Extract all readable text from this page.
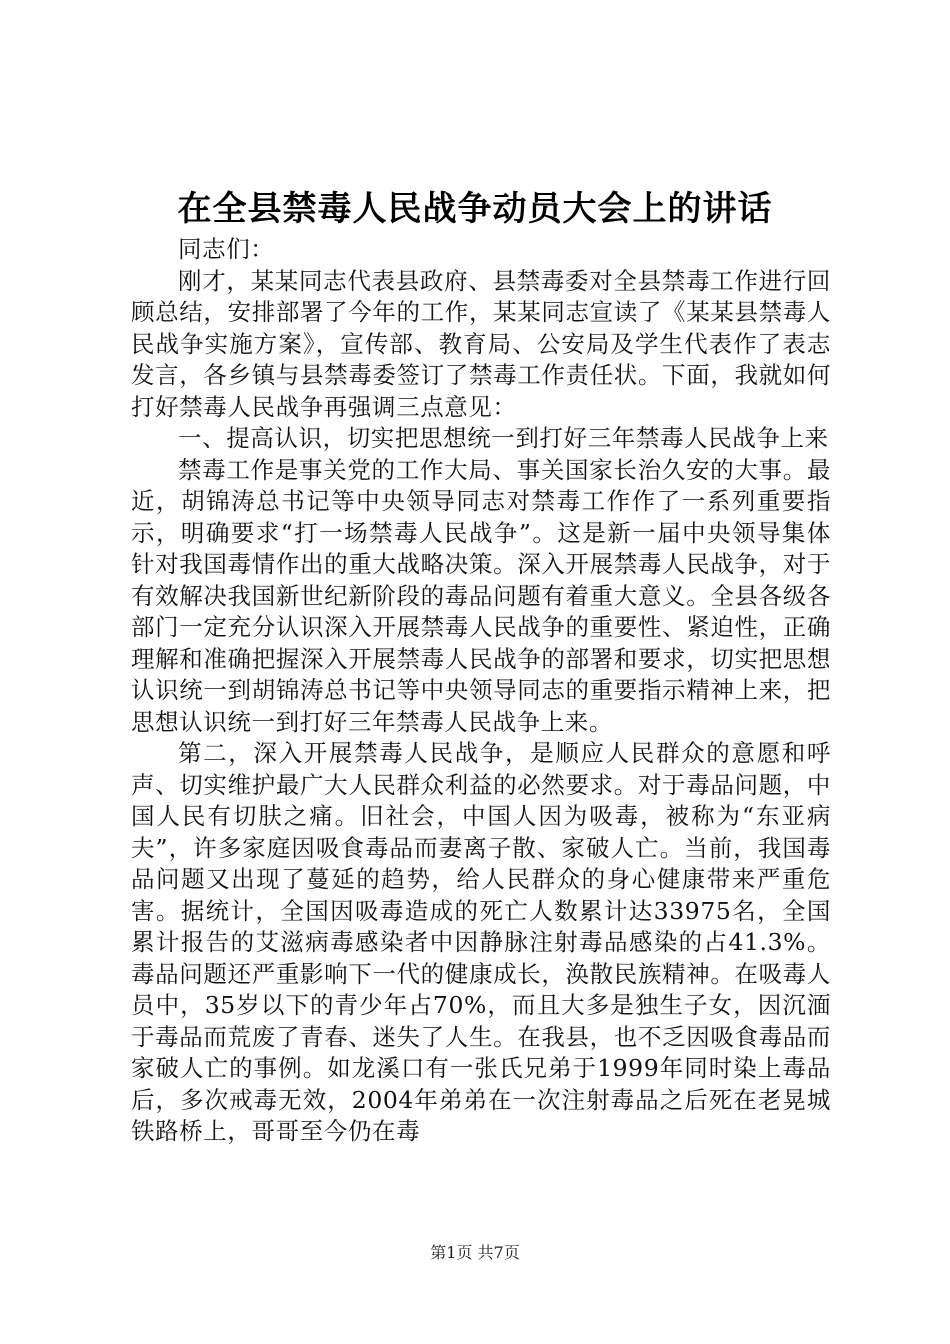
在全县禁毒人民战争动员大会上的讲话

同志们：

刚才，某某同志代表县政府、县禁毒委对全县禁毒工作进行回顾总结，安排部署了今年的工作，某某同志宣读了《某某县禁毒人民战争实施方案》，宣传部、教育局、公安局及学生代表作了表志发言，各乡镇与县禁毒委签订了禁毒工作责任状。下面，我就如何打好禁毒人民战争再强调三点意见：

一、提高认识，切实把思想统一到打好三年禁毒人民战争上来

禁毒工作是事关党的工作大局、事关国家长治久安的大事。最近，胡锦涛总书记等中央领导同志对禁毒工作作了一系列重要指示，明确要求“打一场禁毒人民战争”。这是新一届中央领导集体针对我国毒情作出的重大战略决策。深入开展禁毒人民战争，对于有效解决我国新世纪新阶段的毒品问题有着重大意义。全县各级各部门一定充分认识深入开展禁毒人民战争的重要性、紧迫性，正确理解和准确把握深入开展禁毒人民战争的部署和要求，切实把思想认识统一到胡锦涛总书记等中央领导同志的重要指示精神上来，把思想认识统一到打好三年禁毒人民战争上来。

第二，深入开展禁毒人民战争，是顺应人民群众的意愿和呼声、切实维护最广大人民群众利益的必然要求。对于毒品问题，中国人民有切肤之痛。旧社会，中国人因为吸毒，被称为“东亚病夫”，许多家庭因吸食毒品而妻离子散、家破人亡。当前，我国毒品问题又出现了蔓延的趋势，给人民群众的身心健康带来严重危害。据统计，全国因吸毒造成的死亡人数累计达33975名，全国累计报告的艾滋病毒感染者中因静脉注射毒品感染的占41.3%。毒品问题还严重影响下一代的健康成长，涣散民族精神。在吸毒人员中，35岁以下的青少年占70%，而且大多是独生子女，因沉湎于毒品而荒废了青春、迷失了人生。在我县，也不乏因吸食毒品而家破人亡的事例。如龙溪口有一张氏兄弟于1999年同时染上毒品后，多次戒毒无效，2004年弟弟在一次注射毒品之后死在老晃城铁路桥上，哥哥至今仍在毒

第1页 共7页
